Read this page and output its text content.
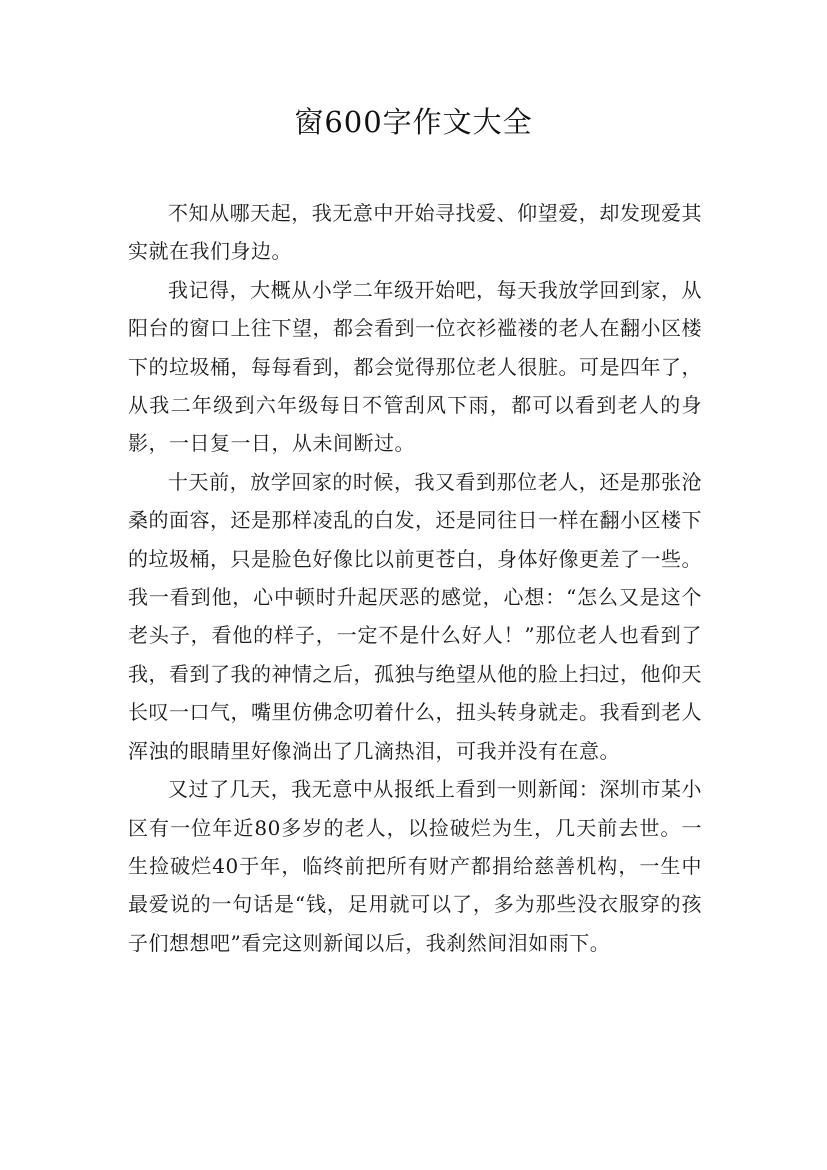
窗600字作文大全

不知从哪天起，我无意中开始寻找爱、仰望爱，却发现爱其实就在我们身边。

我记得，大概从小学二年级开始吧，每天我放学回到家，从阳台的窗口上往下望，都会看到一位衣衫褴褛的老人在翻小区楼下的垃圾桶，每每看到，都会觉得那位老人很脏。可是四年了，从我二年级到六年级每日不管刮风下雨，都可以看到老人的身影，一日复一日，从未间断过。

十天前，放学回家的时候，我又看到那位老人，还是那张沧桑的面容，还是那样凌乱的白发，还是同往日一样在翻小区楼下的垃圾桶，只是脸色好像比以前更苍白，身体好像更差了一些。我一看到他，心中顿时升起厌恶的感觉，心想：“怎么又是这个老头子，看他的样子，一定不是什么好人！”那位老人也看到了我，看到了我的神情之后，孤独与绝望从他的脸上扫过，他仰天长叹一口气，嘴里仿佛念叨着什么，扭头转身就走。我看到老人浑浊的眼睛里好像淌出了几滴热泪，可我并没有在意。

又过了几天，我无意中从报纸上看到一则新闻：深圳市某小区有一位年近80多岁的老人，以捡破烂为生，几天前去世。一生捡破烂40于年，临终前把所有财产都捐给慈善机构，一生中最爱说的一句话是“钱，足用就可以了，多为那些没衣服穿的孩子们想想吧”看完这则新闻以后，我刹然间泪如雨下。
